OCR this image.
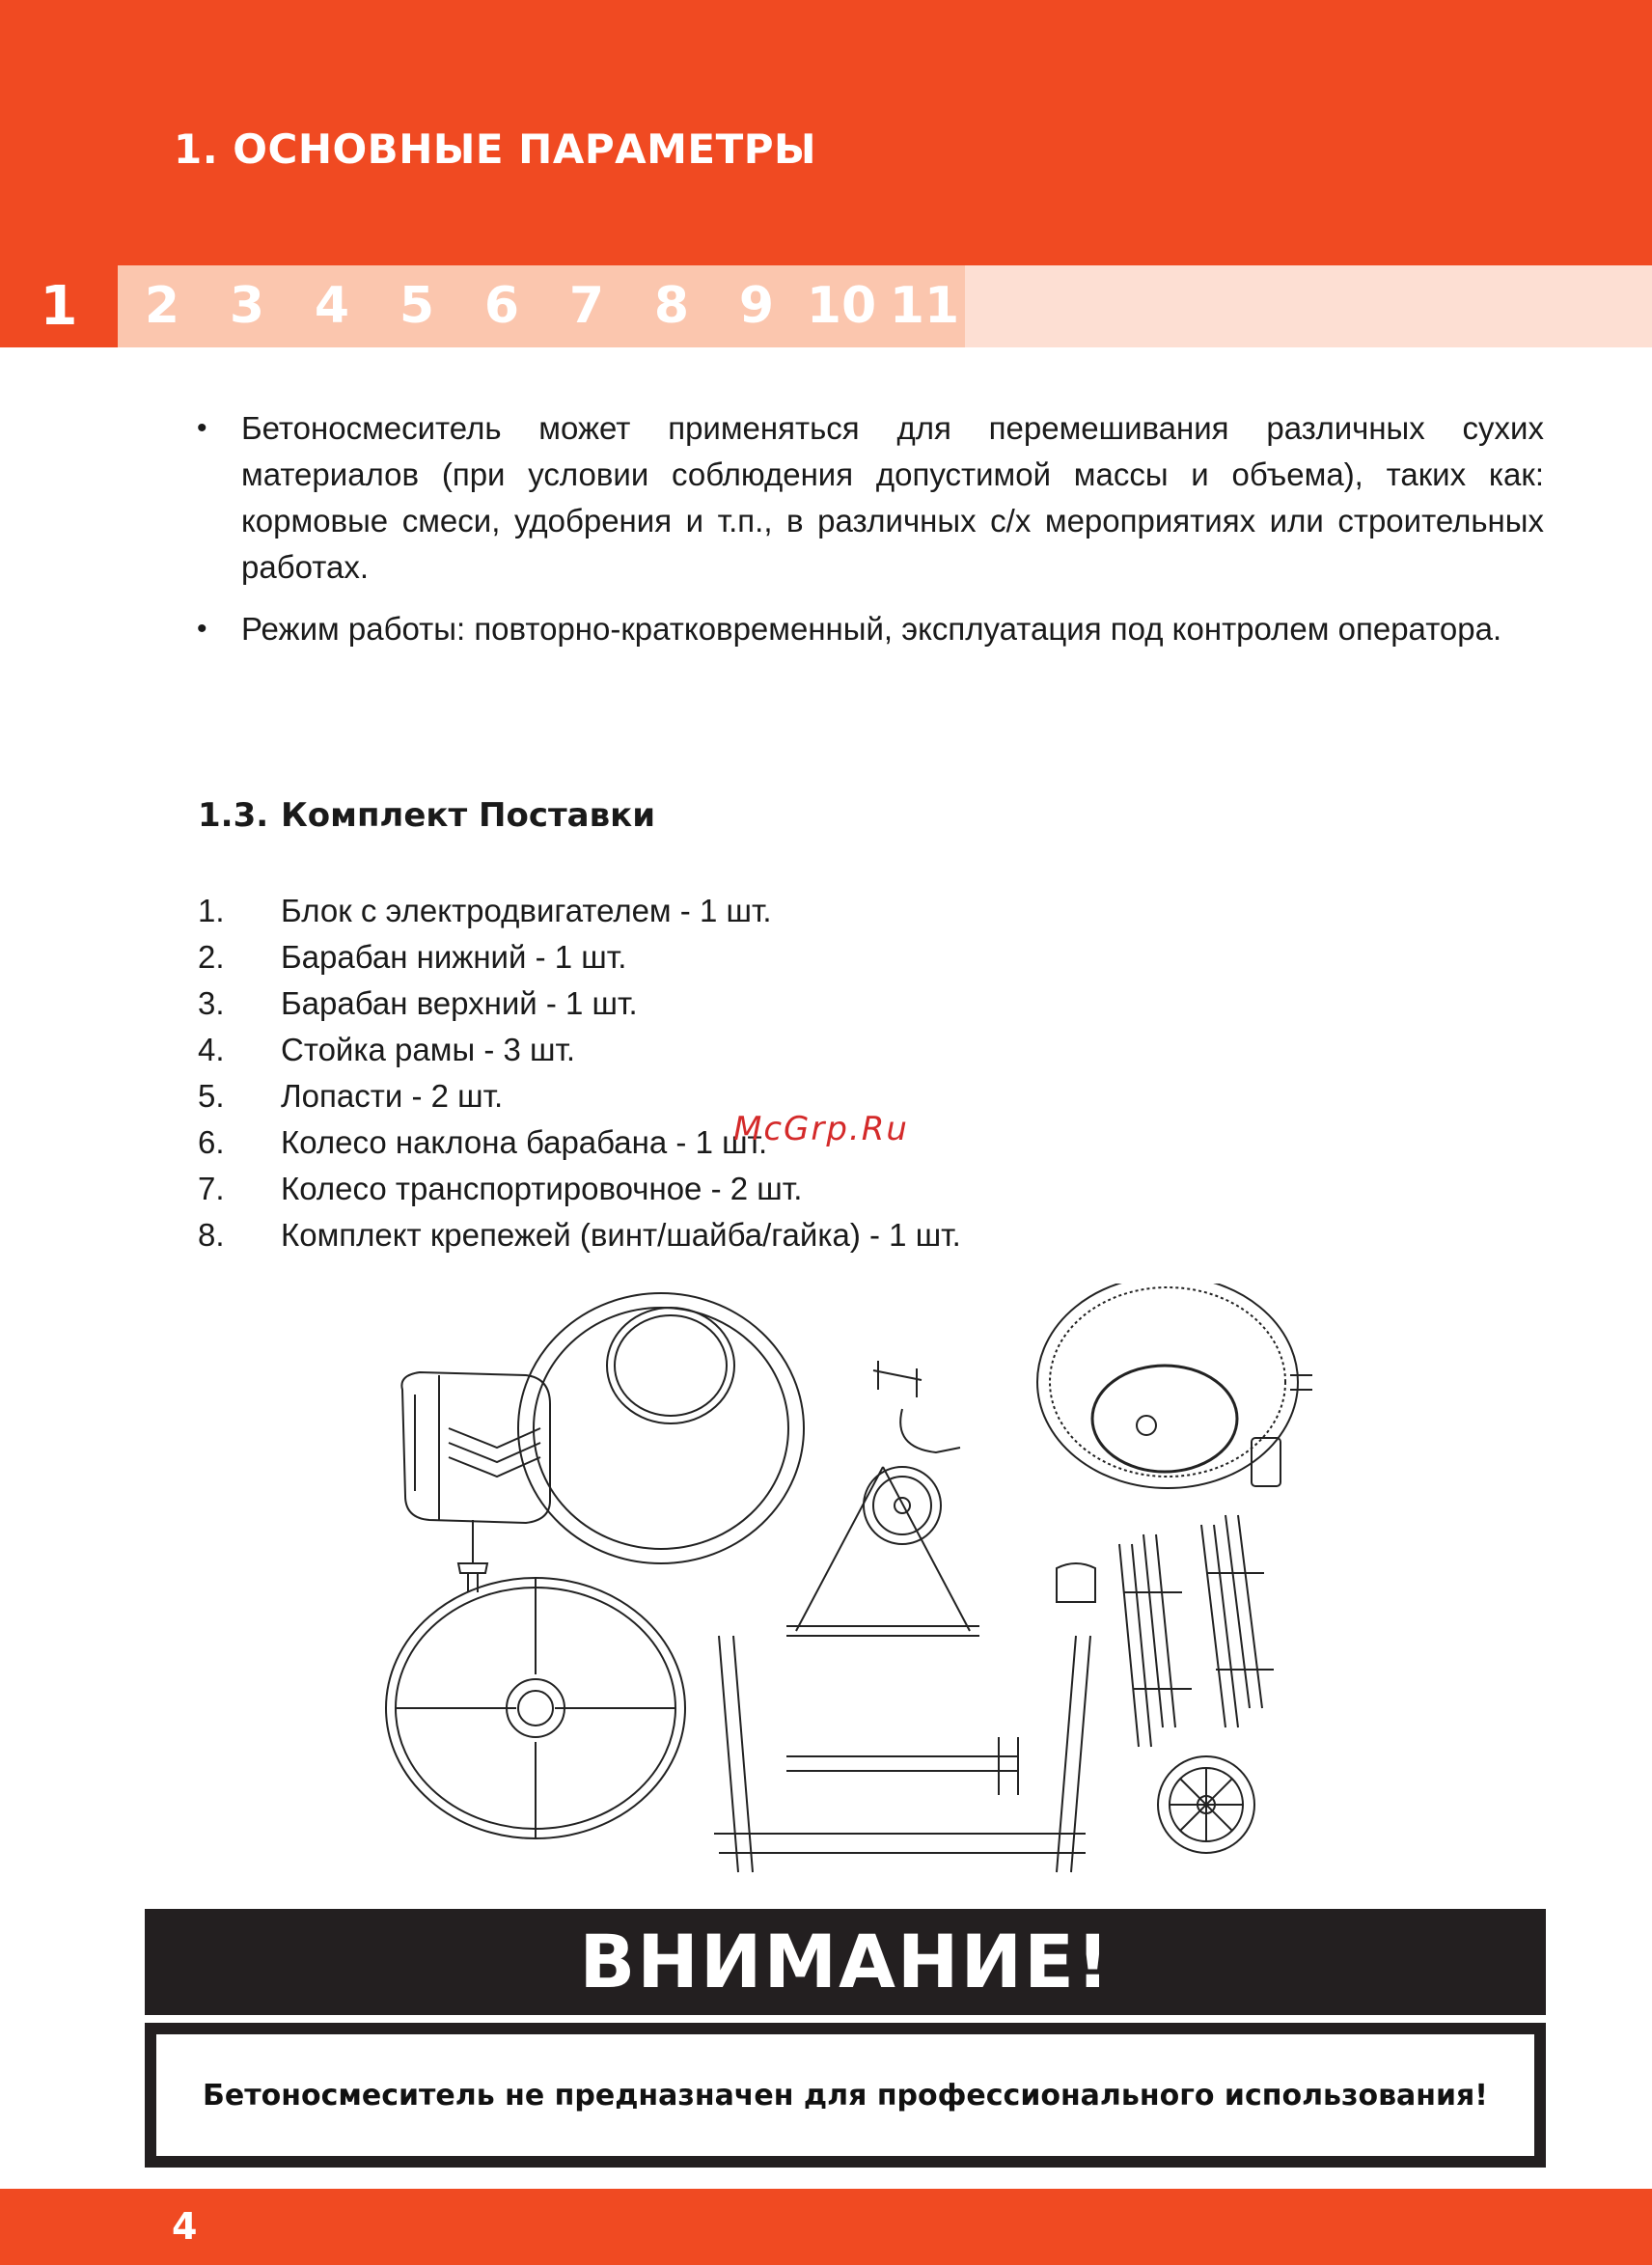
1. ОСНОВНЫЕ ПАРАМЕТРЫ
1	2 3 4 5 6 7 8 9 10 11
• Бетоносмеситель может применяться для перемешивания различных сухих материалов (при условии соблюдения допустимой массы и объема), таких как: кормовые смеси, удобрения и т.п., в различных с/х мероприятиях или строительных работах.
• Режим работы: повторно-кратковременный, эксплуатация под контролем оператора.
1.3. Комплект Поставки
1.	Блок с электродвигателем - 1 шт.
2.	Барабан нижний - 1 шт.
3.	Барабан верхний - 1 шт.
4.	Стойка рамы - 3 шт.
5.	Лопасти - 2 шт.
6.	Колесо наклона барабана - 1 шт.
7.	Колесо транспортировочное - 2 шт.
8.	Комплект крепежей (винт/шайба/гайка) - 1 шт.
McGrp.Ru
ВНИМАНИЕ!
Бетоносмеситель не предназначен для профессионального использования!
4
